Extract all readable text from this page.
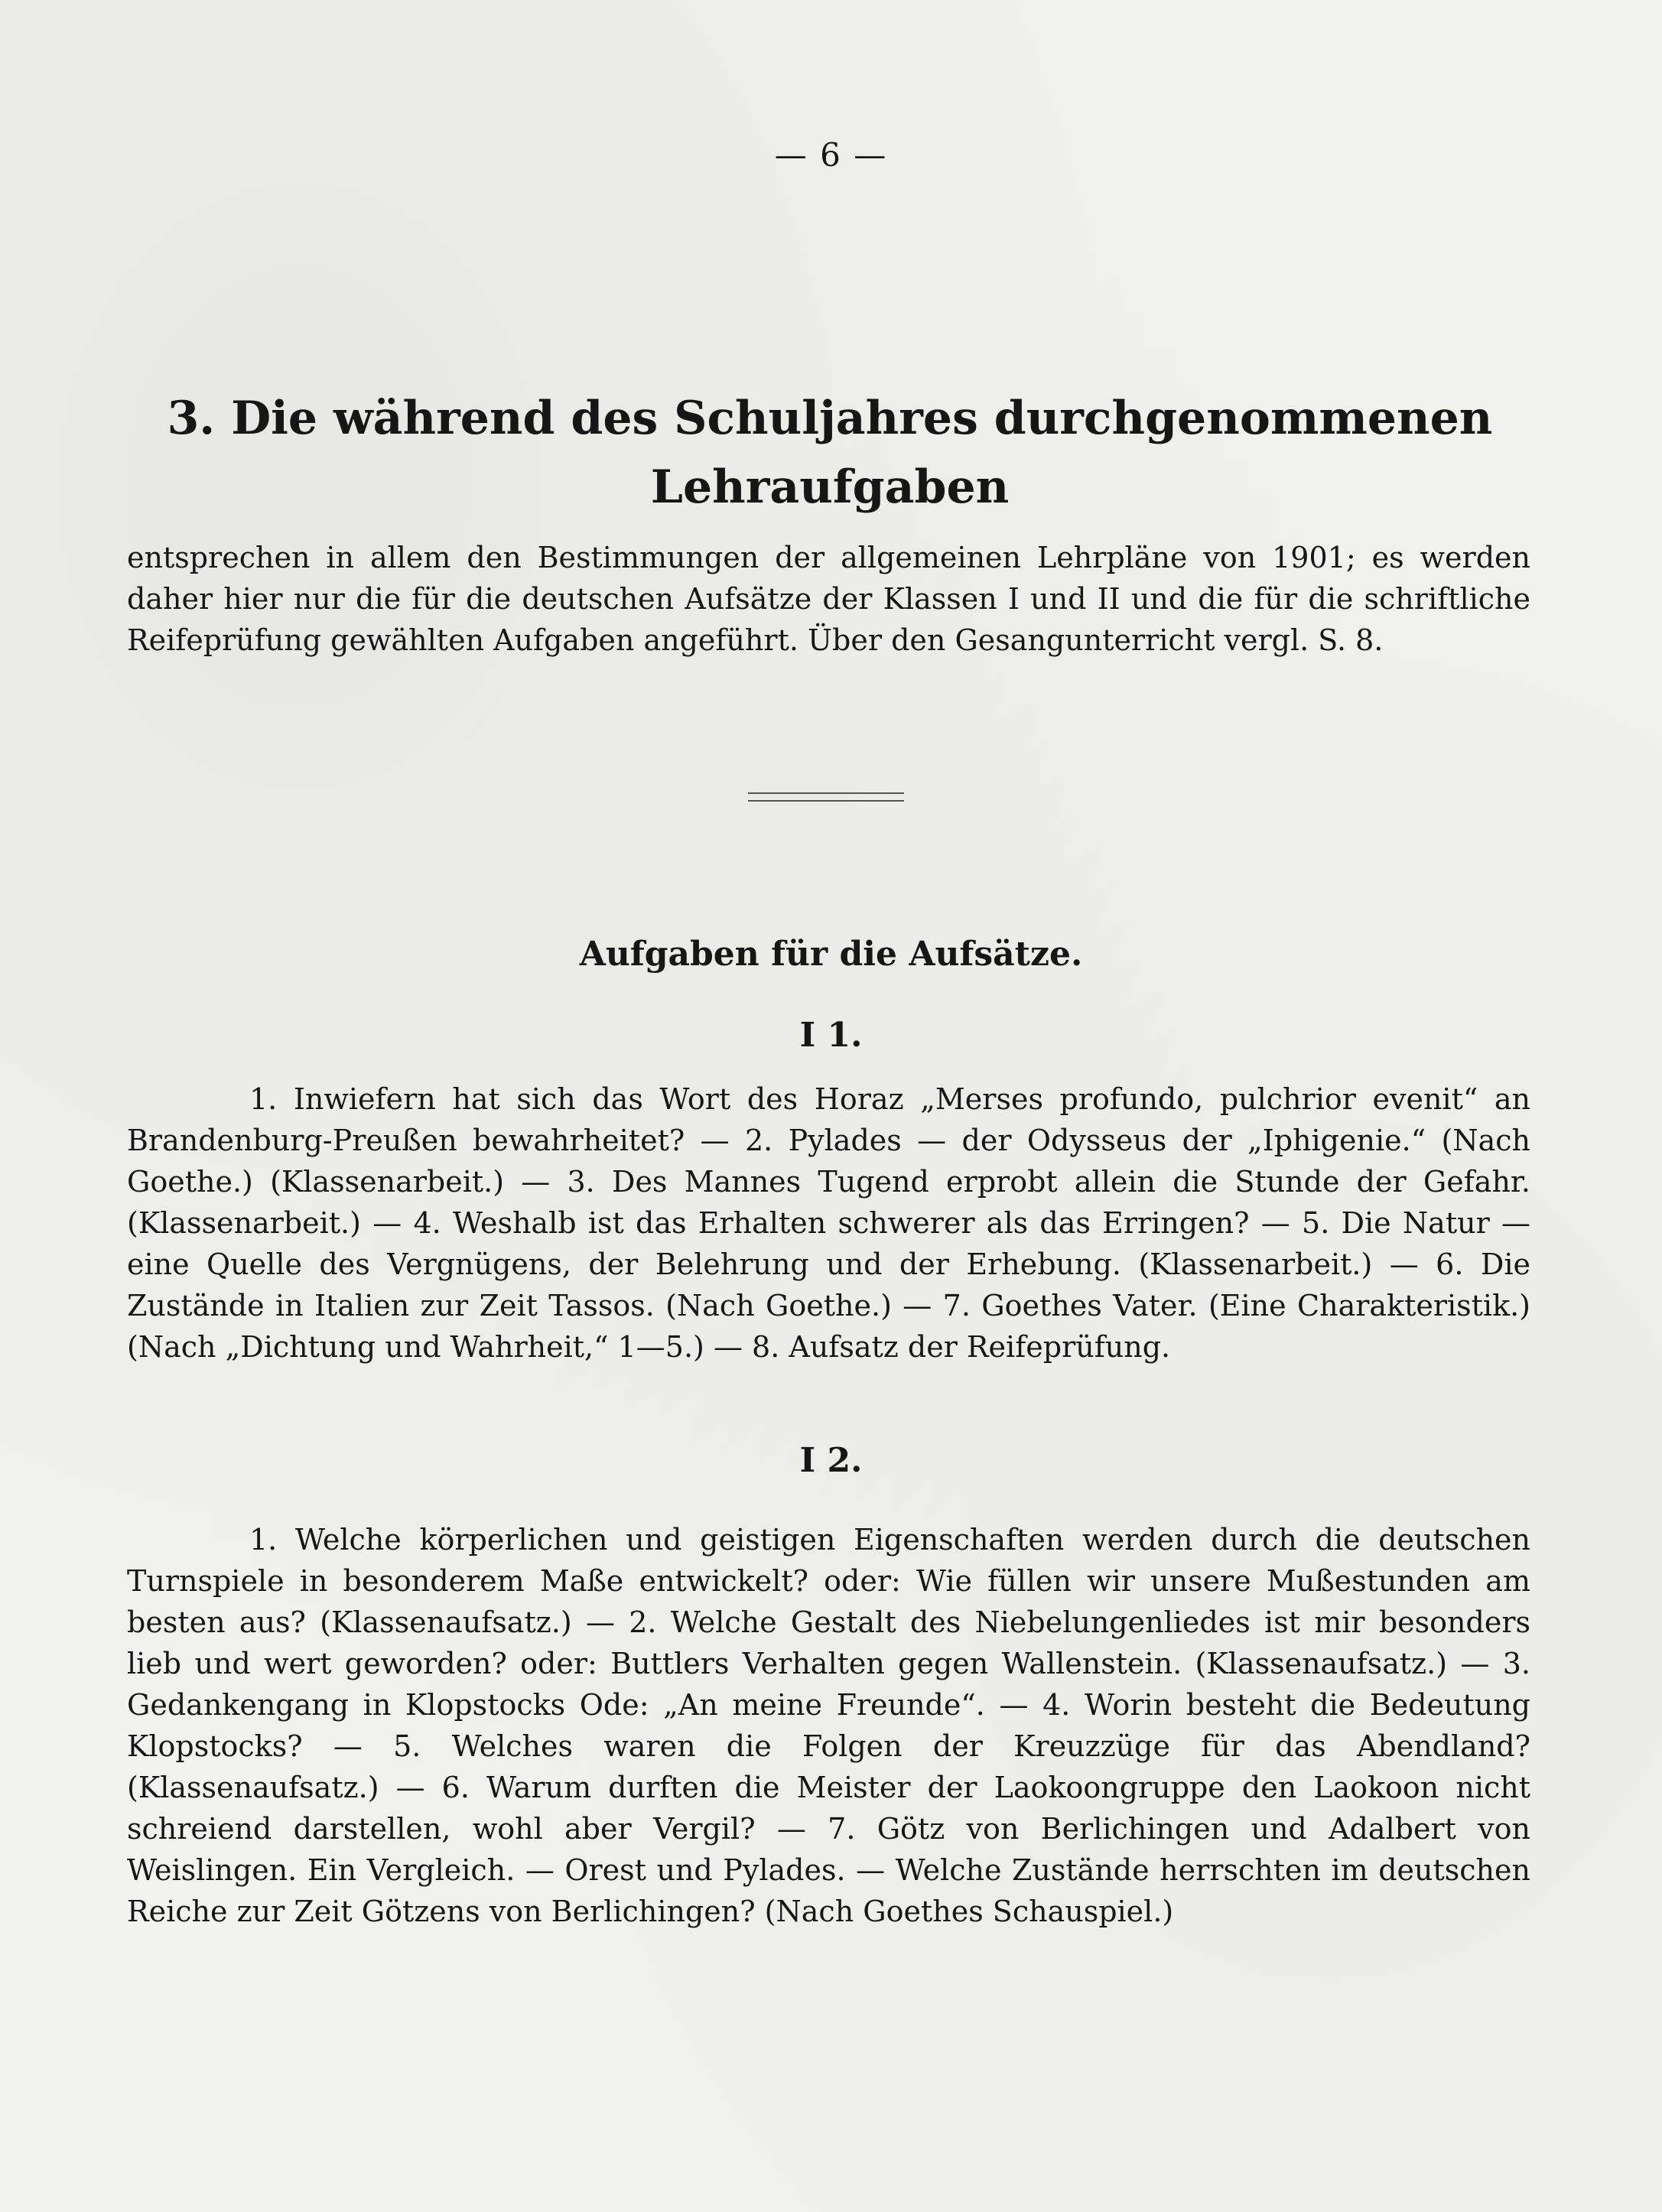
— 6 —
3. Die während des Schuljahres durchgenommenen Lehraufgaben

entsprechen in allem den Bestimmungen der allgemeinen Lehrpläne von 1901; es werden daher hier nur die für die deutschen Aufsätze der Klassen I und II und die für die schriftliche Reifeprüfung gewählten Aufgaben angeführt. Über den Gesangunterricht vergl. S. 8.

Aufgaben für die Aufsätze.
I 1.

1. Inwiefern hat sich das Wort des Horaz „Merses profundo, pulchrior evenit“ an Brandenburg-Preußen bewahrheitet? — 2. Pylades — der Odysseus der „Iphigenie.“ (Nach Goethe.) (Klassenarbeit.) — 3. Des Mannes Tugend erprobt allein die Stunde der Gefahr. (Klassenarbeit.) — 4. Weshalb ist das Erhalten schwerer als das Erringen? — 5. Die Natur — eine Quelle des Vergnügens, der Belehrung und der Erhebung. (Klassenarbeit.) — 6. Die Zustände in Italien zur Zeit Tassos. (Nach Goethe.) — 7. Goethes Vater. (Eine Charakteristik.) (Nach „Dichtung und Wahrheit,“ 1—5.) — 8. Aufsatz der Reifeprüfung.

I 2.

1. Welche körperlichen und geistigen Eigenschaften werden durch die deutschen Turnspiele in besonderem Maße entwickelt? oder: Wie füllen wir unsere Mußestunden am besten aus? (Klassenaufsatz.) — 2. Welche Gestalt des Niebelungenliedes ist mir besonders lieb und wert geworden? oder: Buttlers Verhalten gegen Wallenstein. (Klassenaufsatz.) — 3. Gedankengang in Klopstocks Ode: „An meine Freunde“. — 4. Worin besteht die Bedeutung Klopstocks? — 5. Welches waren die Folgen der Kreuzzüge für das Abendland? (Klassenaufsatz.) — 6. Warum durften die Meister der Laokoongruppe den Laokoon nicht schreiend darstellen, wohl aber Vergil? — 7. Götz von Berlichingen und Adalbert von Weislingen. Ein Vergleich. — Orest und Pylades. — Welche Zustände herrschten im deutschen Reiche zur Zeit Götzens von Berlichingen? (Nach Goethes Schauspiel.)
